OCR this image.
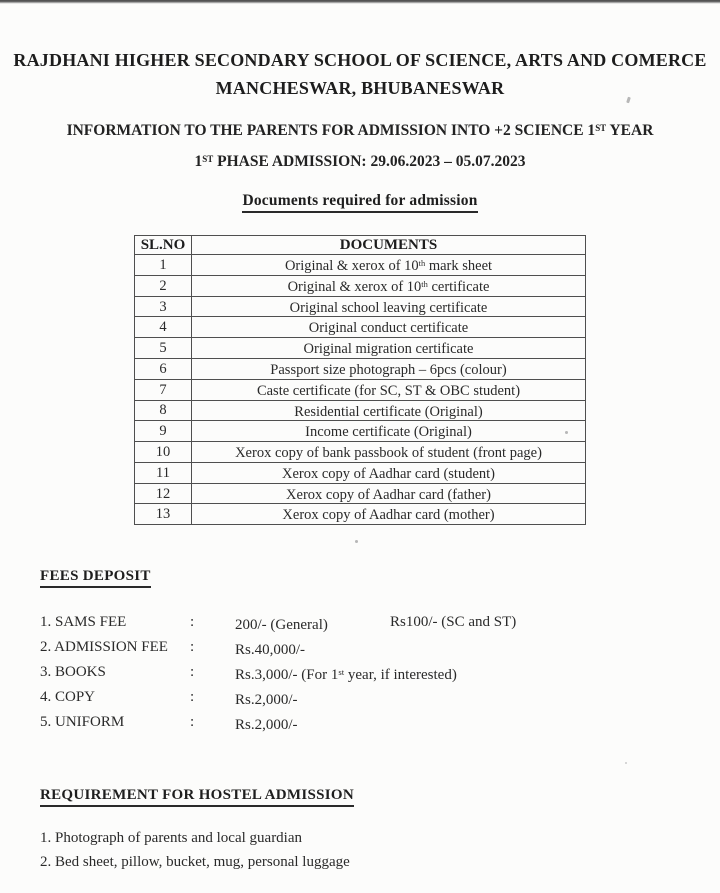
RAJDHANI HIGHER SECONDARY SCHOOL OF SCIENCE, ARTS AND COMERCE
MANCHESWAR, BHUBANESWAR
INFORMATION TO THE PARENTS FOR ADMISSION INTO +2 SCIENCE 1ST YEAR
1ST PHASE ADMISSION: 29.06.2023 – 05.07.2023
Documents required for admission
SL.NO	DOCUMENTS
1	Original & xerox of 10th mark sheet
2	Original & xerox of 10th certificate
3	Original school leaving certificate
4	Original conduct certificate
5	Original migration certificate
6	Passport size photograph – 6pcs (colour)
7	Caste certificate (for SC, ST & OBC student)
8	Residential certificate (Original)
9	Income certificate (Original)
10	Xerox copy of bank passbook of student (front page)
11	Xerox copy of Aadhar card (student)
12	Xerox copy of Aadhar card (father)
13	Xerox copy of Aadhar card (mother)
FEES DEPOSIT
1. SAMS FEE	:	200/- (General)	Rs100/- (SC and ST)
2. ADMISSION FEE	:	Rs.40,000/-
3. BOOKS	:	Rs.3,000/- (For 1st year, if interested)
4. COPY	:	Rs.2,000/-
5. UNIFORM	:	Rs.2,000/-
REQUIREMENT FOR HOSTEL ADMISSION
1. Photograph of parents and local guardian
2. Bed sheet, pillow, bucket, mug, personal luggage
